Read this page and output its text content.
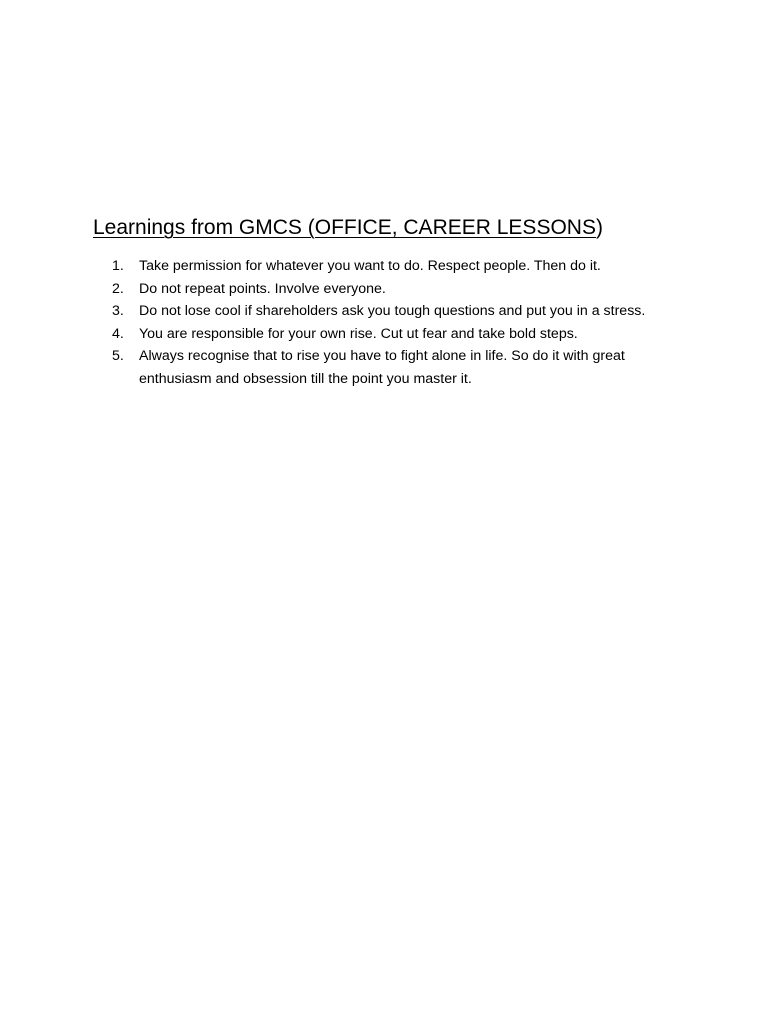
Learnings from GMCS (OFFICE, CAREER LESSONS)
1.	Take permission for whatever you want to do. Respect people. Then do it.
2.	Do not repeat points. Involve everyone.
3.	Do not lose cool if shareholders ask you tough questions and put you in a stress.
4.	You are responsible for your own rise. Cut ut fear and take bold steps.
5.	Always recognise that to rise you have to fight alone in life. So do it with great enthusiasm and obsession till the point you master it.
